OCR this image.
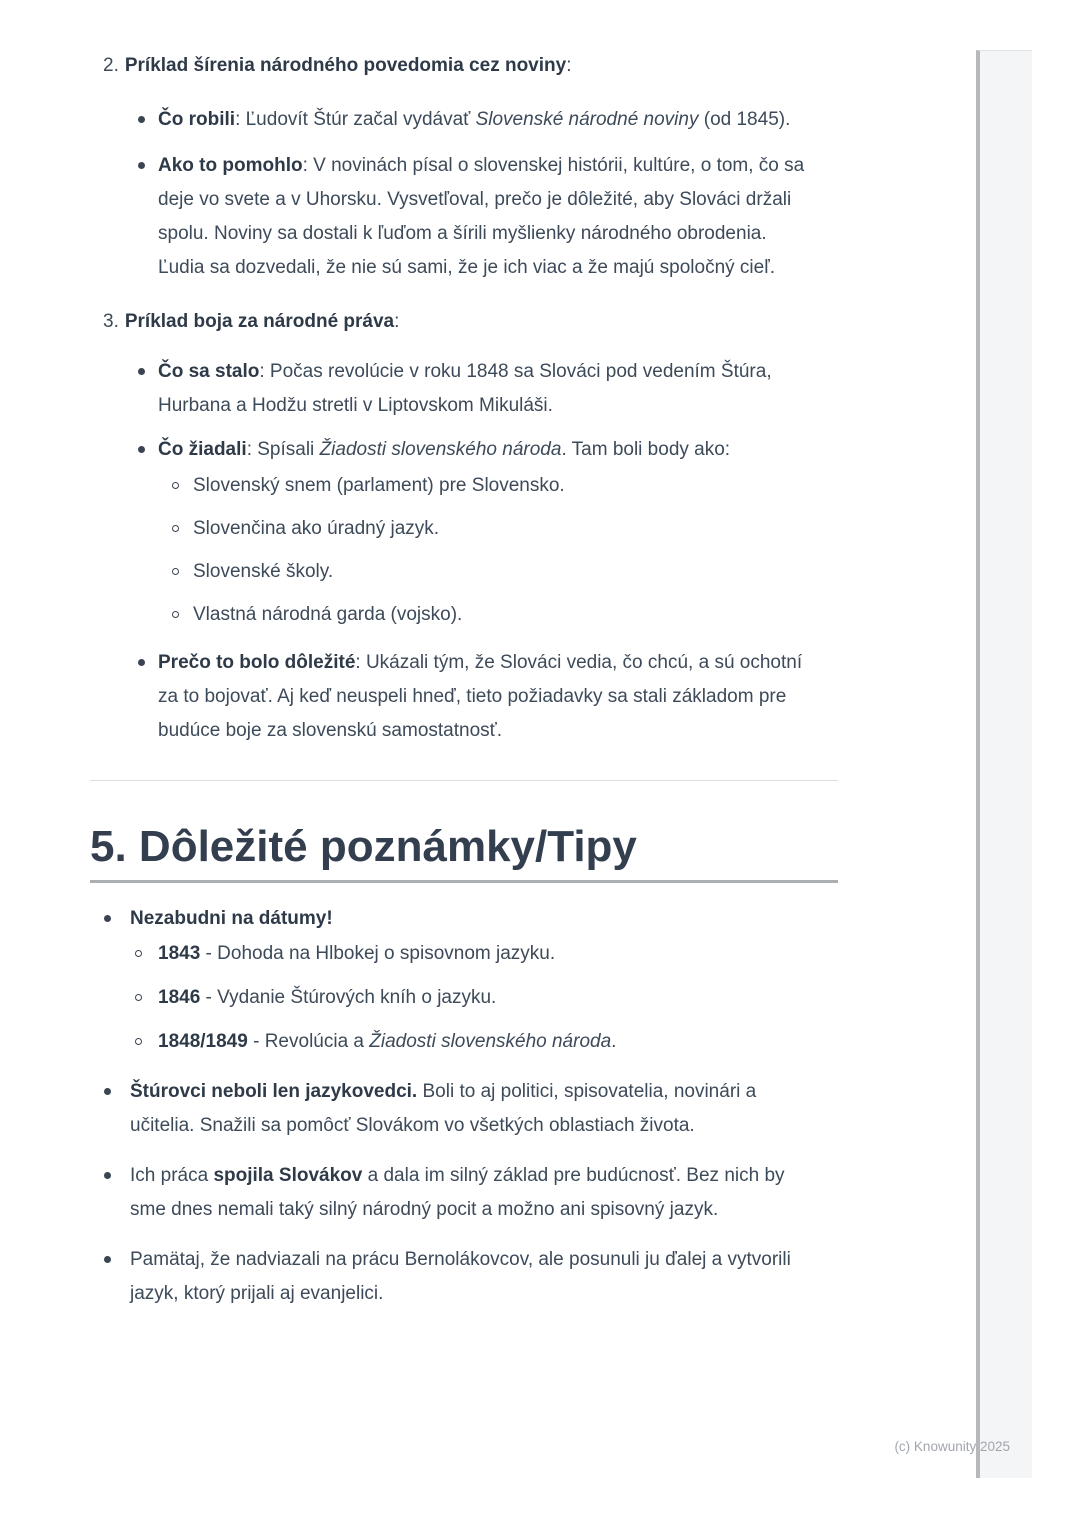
2. Príklad šírenia národného povedomia cez noviny:

Čo robili: Ľudovít Štúr začal vydávať Slovenské národné noviny (od 1845).

Ako to pomohlo: V novinách písal o slovenskej histórii, kultúre, o tom, čo sa deje vo svete a v Uhorsku. Vysvetľoval, prečo je dôležité, aby Slováci držali spolu. Noviny sa dostali k ľuďom a šírili myšlienky národného obrodenia. Ľudia sa dozvedali, že nie sú sami, že je ich viac a že majú spoločný cieľ.

3. Príklad boja za národné práva:

Čo sa stalo: Počas revolúcie v roku 1848 sa Slováci pod vedením Štúra, Hurbana a Hodžu stretli v Liptovskom Mikuláši.

Čo žiadali: Spísali Žiadosti slovenského národa. Tam boli body ako:

Slovenský snem (parlament) pre Slovensko.

Slovenčina ako úradný jazyk.

Slovenské školy.

Vlastná národná garda (vojsko).

Prečo to bolo dôležité: Ukázali tým, že Slováci vedia, čo chcú, a sú ochotní za to bojovať. Aj keď neuspeli hneď, tieto požiadavky sa stali základom pre budúce boje za slovenskú samostatnosť.

5. Dôležité poznámky/Tipy

Nezabudni na dátumy!

1843 - Dohoda na Hlbokej o spisovnom jazyku.

1846 - Vydanie Štúrových kníh o jazyku.

1848/1849 - Revolúcia a Žiadosti slovenského národa.

Štúrovci neboli len jazykovedci. Boli to aj politici, spisovatelia, novinári a učitelia. Snažili sa pomôcť Slovákom vo všetkých oblastiach života.

Ich práca spojila Slovákov a dala im silný základ pre budúcnosť. Bez nich by sme dnes nemali taký silný národný pocit a možno ani spisovný jazyk.

Pamätaj, že nadviazali na prácu Bernolákovcov, ale posunuli ju ďalej a vytvorili jazyk, ktorý prijali aj evanjelici.

(c) Knowunity 2025
